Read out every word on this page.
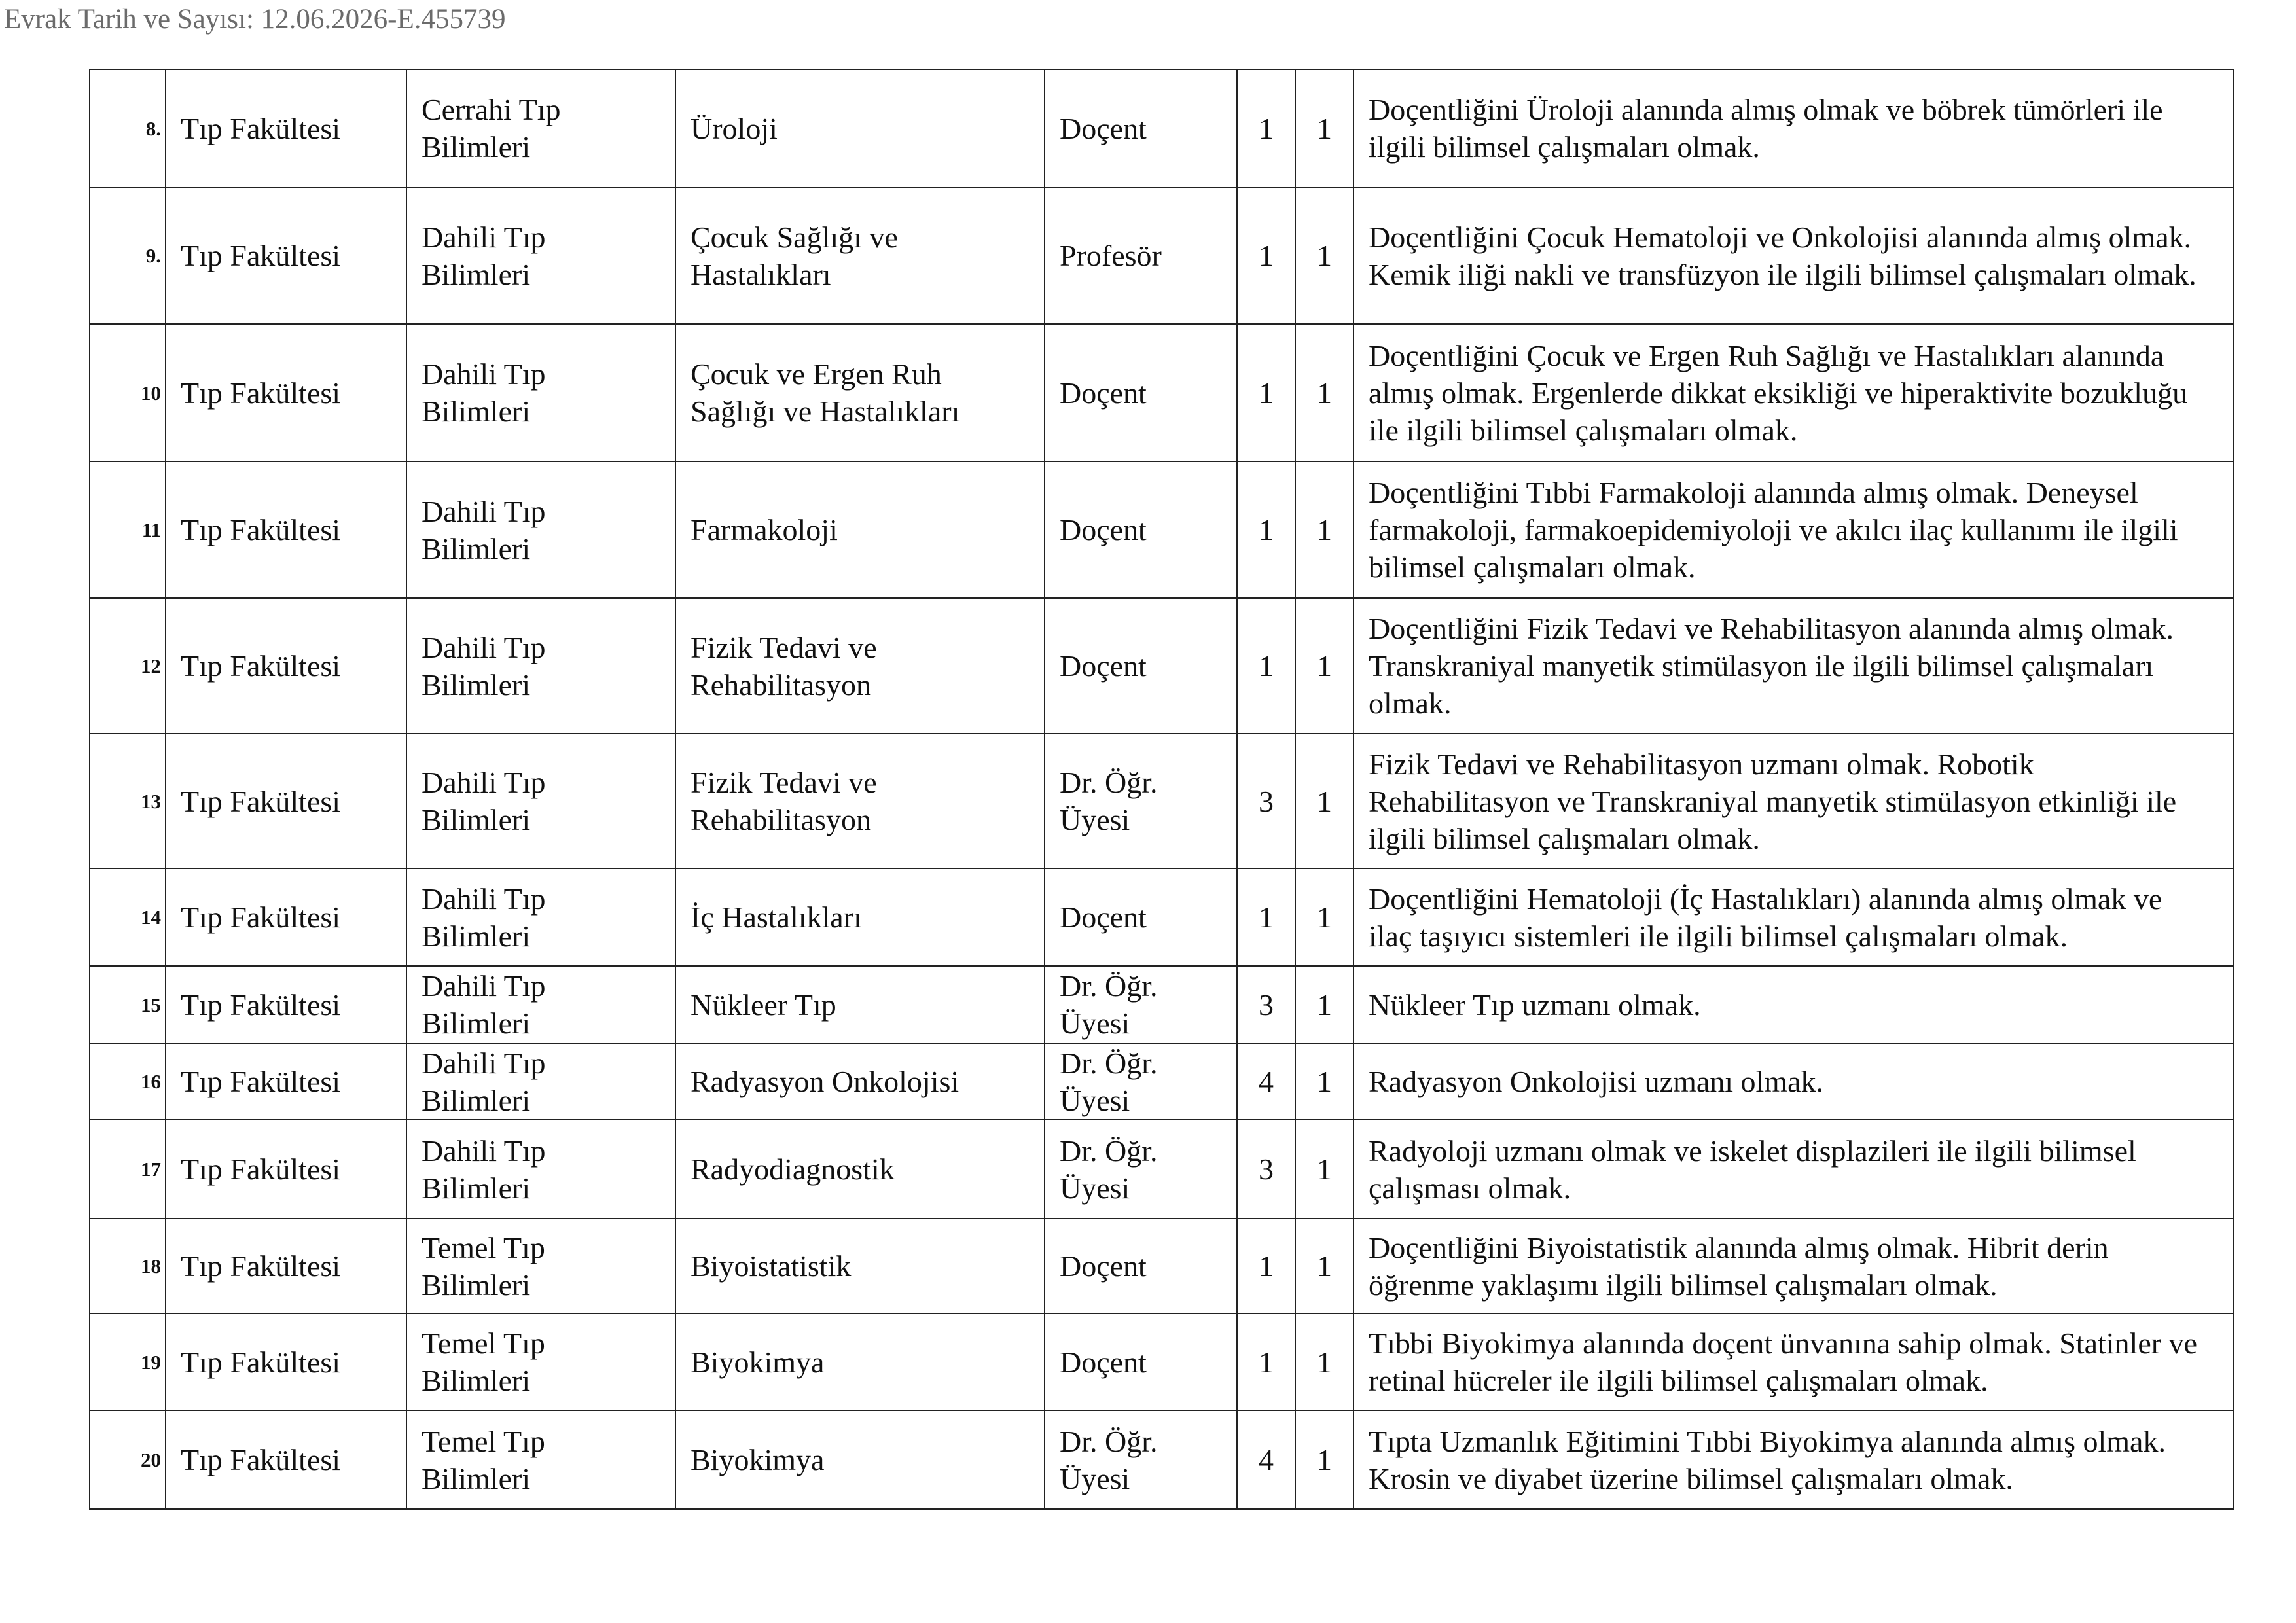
Evrak Tarih ve Sayısı: 12.06.2026-E.455739
8.	Tıp Fakültesi	Cerrahi Tıp Bilimleri	Üroloji	Doçent	1	1	Doçentliğini Üroloji alanında almış olmak ve böbrek tümörleri ile ilgili bilimsel çalışmaları olmak.
9.	Tıp Fakültesi	Dahili Tıp Bilimleri	Çocuk Sağlığı ve Hastalıkları	Profesör	1	1	Doçentliğini Çocuk Hematoloji ve Onkolojisi alanında almış olmak. Kemik iliği nakli ve transfüzyon ile ilgili bilimsel çalışmaları olmak.
10	Tıp Fakültesi	Dahili Tıp Bilimleri	Çocuk ve Ergen Ruh Sağlığı ve Hastalıkları	Doçent	1	1	Doçentliğini Çocuk ve Ergen Ruh Sağlığı ve Hastalıkları alanında almış olmak. Ergenlerde dikkat eksikliği ve hiperaktivite bozukluğu ile ilgili bilimsel çalışmaları olmak.
11	Tıp Fakültesi	Dahili Tıp Bilimleri	Farmakoloji	Doçent	1	1	Doçentliğini Tıbbi Farmakoloji alanında almış olmak. Deneysel farmakoloji, farmakoepidemiyoloji ve akılcı ilaç kullanımı ile ilgili bilimsel çalışmaları olmak.
12	Tıp Fakültesi	Dahili Tıp Bilimleri	Fizik Tedavi ve Rehabilitasyon	Doçent	1	1	Doçentliğini Fizik Tedavi ve Rehabilitasyon alanında almış olmak. Transkraniyal manyetik stimülasyon ile ilgili bilimsel çalışmaları olmak.
13	Tıp Fakültesi	Dahili Tıp Bilimleri	Fizik Tedavi ve Rehabilitasyon	Dr. Öğr. Üyesi	3	1	Fizik Tedavi ve Rehabilitasyon uzmanı olmak. Robotik Rehabilitasyon ve Transkraniyal manyetik stimülasyon etkinliği ile ilgili bilimsel çalışmaları olmak.
14	Tıp Fakültesi	Dahili Tıp Bilimleri	İç Hastalıkları	Doçent	1	1	Doçentliğini Hematoloji (İç Hastalıkları) alanında almış olmak ve ilaç taşıyıcı sistemleri ile ilgili bilimsel çalışmaları olmak.
15	Tıp Fakültesi	Dahili Tıp Bilimleri	Nükleer Tıp	Dr. Öğr. Üyesi	3	1	Nükleer Tıp uzmanı olmak.
16	Tıp Fakültesi	Dahili Tıp Bilimleri	Radyasyon Onkolojisi	Dr. Öğr. Üyesi	4	1	Radyasyon Onkolojisi uzmanı olmak.
17	Tıp Fakültesi	Dahili Tıp Bilimleri	Radyodiagnostik	Dr. Öğr. Üyesi	3	1	Radyoloji uzmanı olmak ve iskelet displazileri ile ilgili bilimsel çalışması olmak.
18	Tıp Fakültesi	Temel Tıp Bilimleri	Biyoistatistik	Doçent	1	1	Doçentliğini Biyoistatistik alanında almış olmak. Hibrit derin öğrenme yaklaşımı ilgili bilimsel çalışmaları olmak.
19	Tıp Fakültesi	Temel Tıp Bilimleri	Biyokimya	Doçent	1	1	Tıbbi Biyokimya alanında doçent ünvanına sahip olmak. Statinler ve retinal hücreler ile ilgili bilimsel çalışmaları olmak.
20	Tıp Fakültesi	Temel Tıp Bilimleri	Biyokimya	Dr. Öğr. Üyesi	4	1	Tıpta Uzmanlık Eğitimini Tıbbi Biyokimya alanında almış olmak. Krosin ve diyabet üzerine bilimsel çalışmaları olmak.
